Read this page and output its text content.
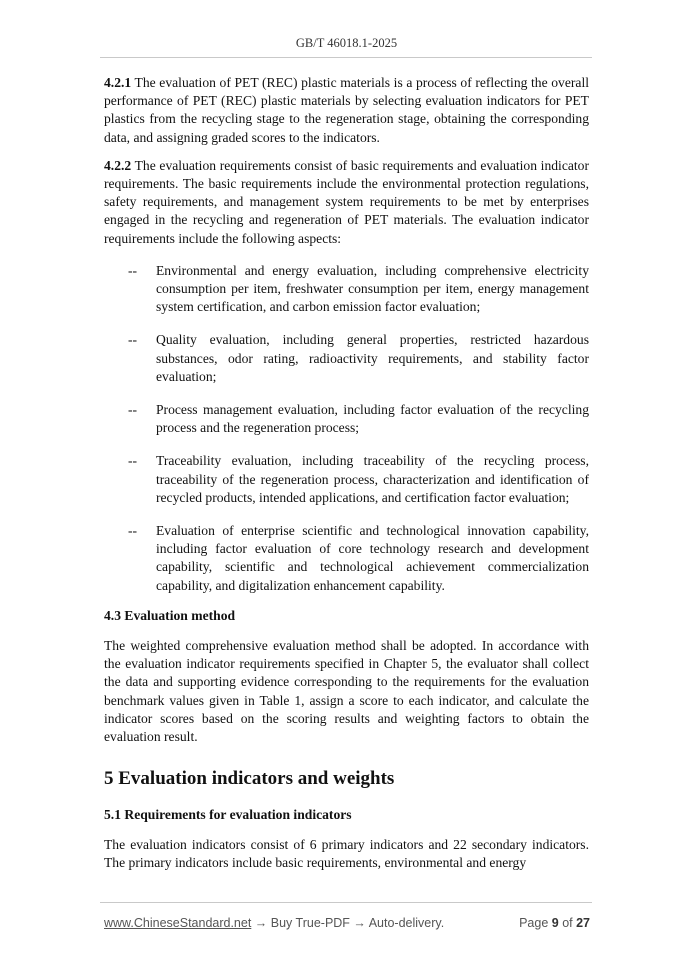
GB/T 46018.1-2025

4.2.1 The evaluation of PET (REC) plastic materials is a process of reflecting the overall performance of PET (REC) plastic materials by selecting evaluation indicators for PET plastics from the recycling stage to the regeneration stage, obtaining the corresponding data, and assigning graded scores to the indicators.

4.2.2 The evaluation requirements consist of basic requirements and evaluation indicator requirements. The basic requirements include the environmental protection regulations, safety requirements, and management system requirements to be met by enterprises engaged in the recycling and regeneration of PET materials. The evaluation indicator requirements include the following aspects:

-- Environmental and energy evaluation, including comprehensive electricity consumption per item, freshwater consumption per item, energy management system certification, and carbon emission factor evaluation;
-- Quality evaluation, including general properties, restricted hazardous substances, odor rating, radioactivity requirements, and stability factor evaluation;
-- Process management evaluation, including factor evaluation of the recycling process and the regeneration process;
-- Traceability evaluation, including traceability of the recycling process, traceability of the regeneration process, characterization and identification of recycled products, intended applications, and certification factor evaluation;
-- Evaluation of enterprise scientific and technological innovation capability, including factor evaluation of core technology research and development capability, scientific and technological achievement commercialization capability, and digitalization enhancement capability.
4.3 Evaluation method

The weighted comprehensive evaluation method shall be adopted. In accordance with the evaluation indicator requirements specified in Chapter 5, the evaluator shall collect the data and supporting evidence corresponding to the requirements for the evaluation benchmark values given in Table 1, assign a score to each indicator, and calculate the indicator scores based on the scoring results and weighting factors to obtain the evaluation result.

5 Evaluation indicators and weights
5.1 Requirements for evaluation indicators

The evaluation indicators consist of 6 primary indicators and 22 secondary indicators. The primary indicators include basic requirements, environmental and energy

www.ChineseStandard.net → Buy True-PDF → Auto-delivery.	Page 9 of 27
